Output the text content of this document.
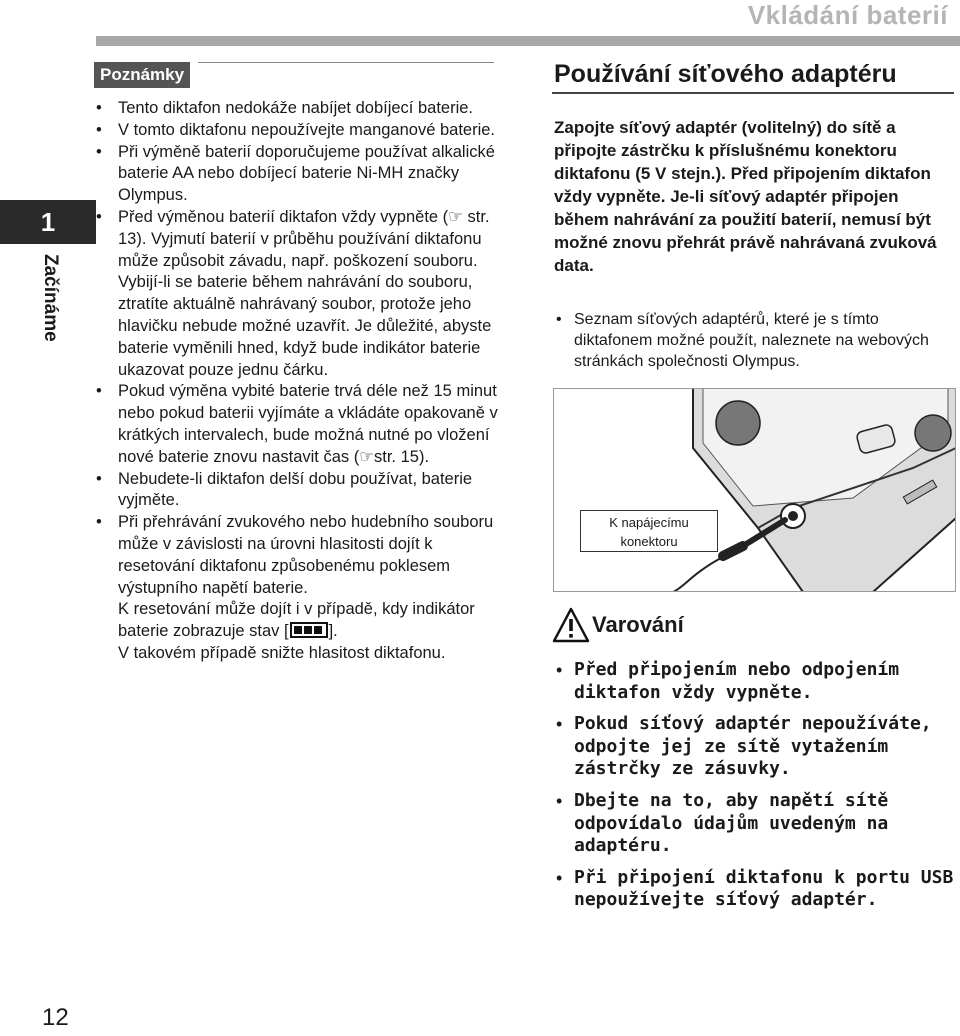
Vkládání baterií
1
Začínáme
Poznámky
• Tento diktafon nedokáže nabíjet dobíjecí baterie.
• V tomto diktafonu nepoužívejte manganové baterie.
• Při výměně baterií doporučujeme používat alkalické baterie AA nebo dobíjecí baterie Ni-MH značky Olympus.
• Před výměnou baterií diktafon vždy vypněte (☞ str. 13). Vyjmutí baterií v průběhu používání diktafonu může způsobit závadu, např. poškození souboru. Vybijí-li se baterie během nahrávání do souboru, ztratíte aktuálně nahrávaný soubor, protože jeho hlavičku nebude možné uzavřít. Je důležité, abyste baterie vyměnili hned, když bude indikátor baterie ukazovat pouze jednu čárku.
• Pokud výměna vybité baterie trvá déle než 15 minut nebo pokud baterii vyjímáte a vkládáte opakovaně v krátkých intervalech, bude možná nutné po vložení nové baterie znovu nastavit čas (☞str. 15).
• Nebudete-li diktafon delší dobu používat, baterie vyjměte.
• Při přehrávání zvukového nebo hudebního souboru může v závislosti na úrovni hlasitosti dojít k resetování diktafonu způsobenému poklesem výstupního napětí baterie.
K resetování může dojít i v případě, kdy indikátor baterie zobrazuje stav [ ].
V takovém případě snižte hlasitost diktafonu.
Používání síťového adaptéru

Zapojte síťový adaptér (volitelný) do sítě a připojte zástrčku k příslušnému konektoru diktafonu (5 V stejn.). Před připojením diktafon vždy vypněte. Je-li síťový adaptér připojen během nahrávání za použití baterií, nemusí být možné znovu přehrát právě nahrávaná zvuková data.

• Seznam síťových adaptérů, které je s tímto diktafonem možné použít, naleznete na webových stránkách společnosti Olympus.
K napájecímu konektoru
Varování
• Před připojením nebo odpojením diktafon vždy vypněte.
• Pokud síťový adaptér nepoužíváte, odpojte jej ze sítě vytažením zástrčky ze zásuvky.
• Dbejte na to, aby napětí sítě odpovídalo údajům uvedeným na adaptéru.
• Při připojení diktafonu k portu USB nepoužívejte síťový adaptér.
12
